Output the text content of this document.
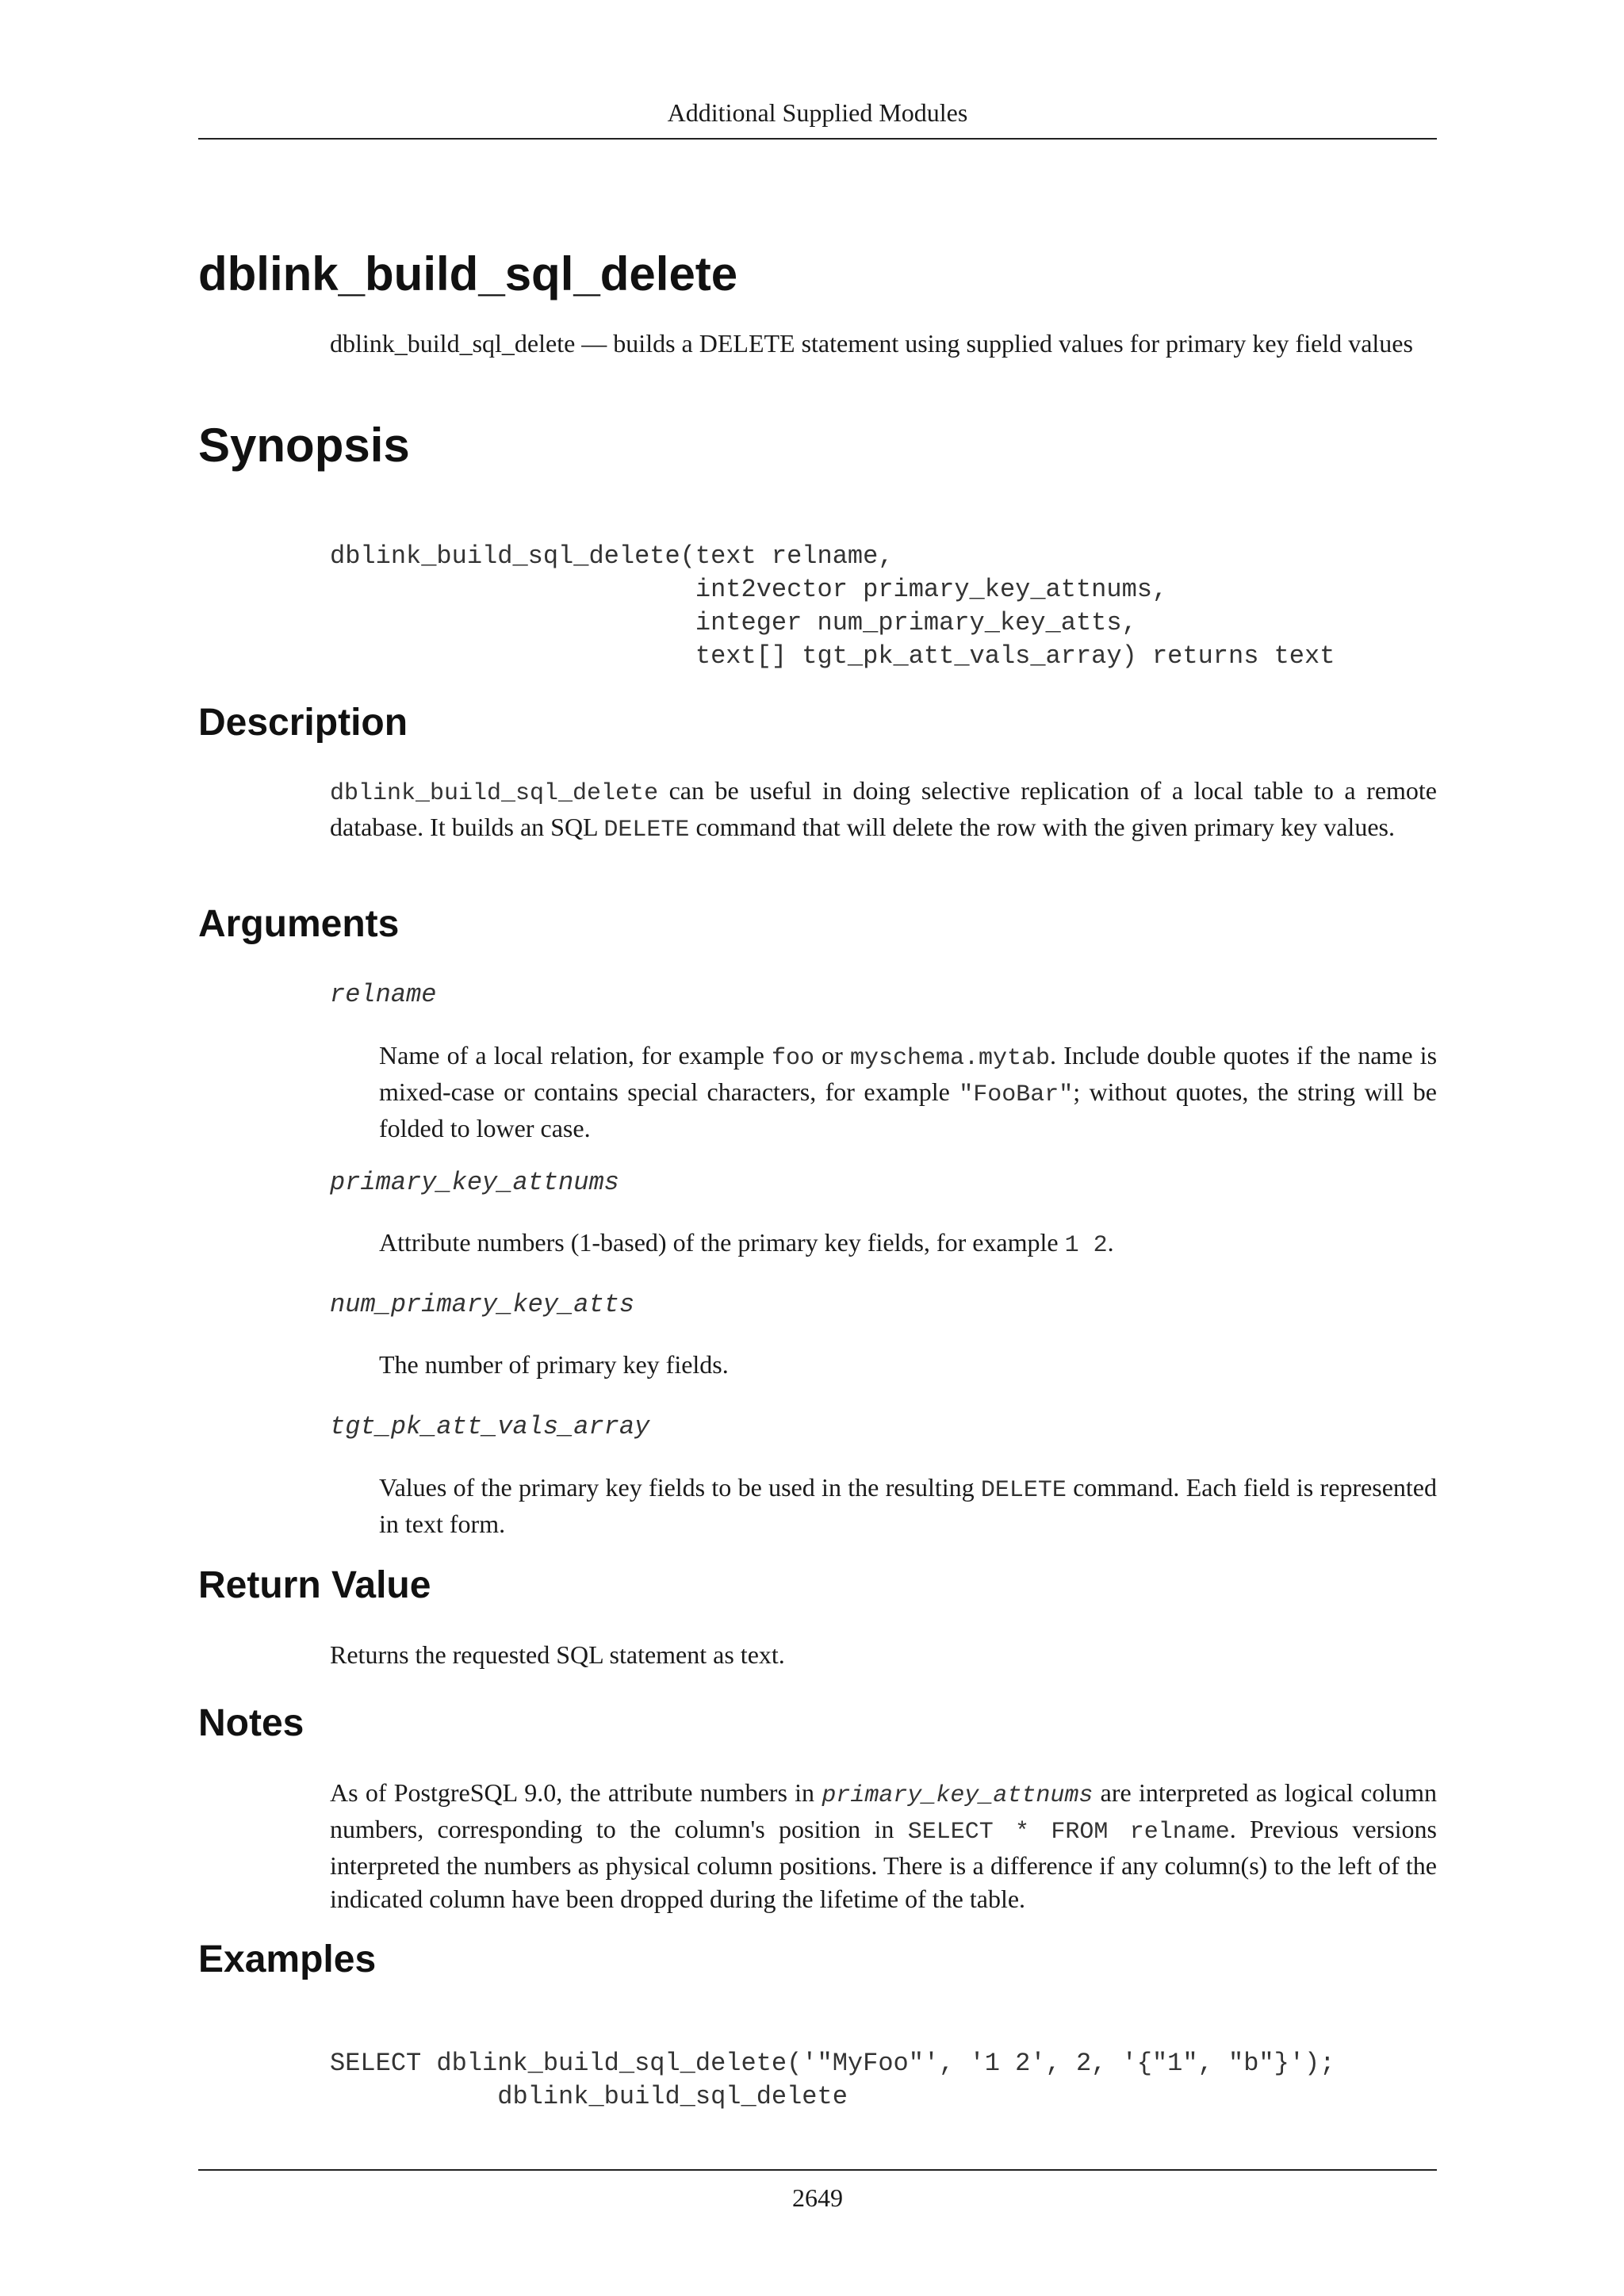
Additional Supplied Modules
dblink_build_sql_delete

dblink_build_sql_delete — builds a DELETE statement using supplied values for primary key field values

Synopsis
dblink_build_sql_delete(text relname,
int2vector primary_key_attnums,
integer num_primary_key_atts,
text[] tgt_pk_att_vals_array) returns text
Description

dblink_build_sql_delete can be useful in doing selective replication of a local table to a remote database. It builds an SQL DELETE command that will delete the row with the given primary key values.

Arguments
relname

Name of a local relation, for example foo or myschema.mytab. Include double quotes if the name is mixed-case or contains special characters, for example "FooBar"; without quotes, the string will be folded to lower case.

primary_key_attnums

Attribute numbers (1-based) of the primary key fields, for example 1 2.

num_primary_key_atts

The number of primary key fields.

tgt_pk_att_vals_array

Values of the primary key fields to be used in the resulting DELETE command. Each field is represented in text form.

Return Value

Returns the requested SQL statement as text.

Notes

As of PostgreSQL 9.0, the attribute numbers in primary_key_attnums are interpreted as logical column numbers, corresponding to the column's position in SELECT * FROM relname. Previous versions interpreted the numbers as physical column positions. There is a difference if any column(s) to the left of the indicated column have been dropped during the lifetime of the table.

Examples
SELECT dblink_build_sql_delete('"MyFoo"', '1 2', 2, '{"1", "b"}');
dblink_build_sql_delete
2649
